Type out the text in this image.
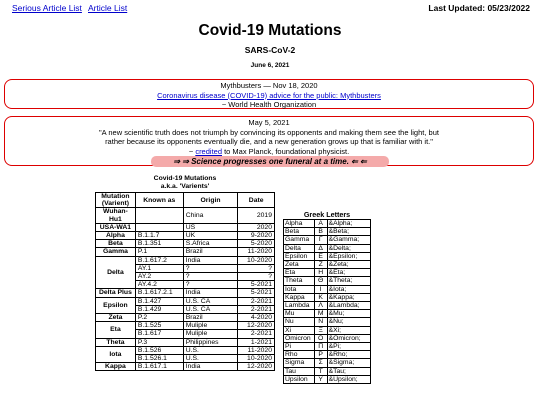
Serious Article List Article List	Last Updated: 05/23/2022
Covid-19 Mutations
SARS-CoV-2
June 6, 2021
Mythbusters — Nov 18, 2020
Coronavirus disease (COVID-19) advice for the public: Mythbusters
~ World Health Organization
May 5, 2021
"A new scientific truth does not triumph by convincing its opponents and making them see the light, but
rather because its opponents eventually die, and a new generation grows up that is familiar with it."
~ credited to Max Planck, foundational physicist.
⇒ ⇒ Science progresses one funeral at a time. ⇐ ⇐
Covid-19 Mutations
a.k.a. 'Varients'
Mutation (Varient)	Known as	Origin	Date
Wuhan-Hu1		China	2019
USA-WA1		US	2020
Alpha	B.1.1.7	UK	9-2020
Beta	B.1.351	S.Africa	5-2020
Gamma	P.1	Brazil	11-2020
Delta	B.1.617.2	India	10-2020
	AY.1	?	?
	AY.2	?	?
	AY.4.2	?	5-2021
Delta Plus	B.1.617.2.1	India	5-2021
Epsilon	B.1.427	U.S. CA	2-2021
	B.1.429	U.S. CA	2-2021
Zeta	P.2	Brazil	4-2020
Eta	B.1.525	Muliple	12-2020
	B.1.617	Muliple	2-2021
Theta	P.3	Philippines	1-2021
Iota	B.1.526	U.S.	11-2020
	B.1.526.1	U.S.	10-2020
Kappa	B.1.617.1	India	12-2020
Greek Letters
Alpha	Α	&Alpha;
Beta	Β	&Beta;
Gamma	Γ	&Gamma;
Delta	Δ	&Delta;
Epsilon	Ε	&Epsilon;
Zeta	Ζ	&Zeta;
Eta	Η	&Eta;
Theta	Θ	&Theta;
Iota	Ι	&Iota;
Kappa	Κ	&Kappa;
Lambda	Λ	&Lambda;
Mu	Μ	&Mu;
Nu	Ν	&Nu;
Xi	Ξ	&Xi;
Omicron	Ο	&Omicron;
Pi	Π	&Pi;
Rho	Ρ	&Rho;
Sigma	Σ	&Sigma;
Tau	Τ	&Tau;
Upsilon	Υ	&Upsilon;
